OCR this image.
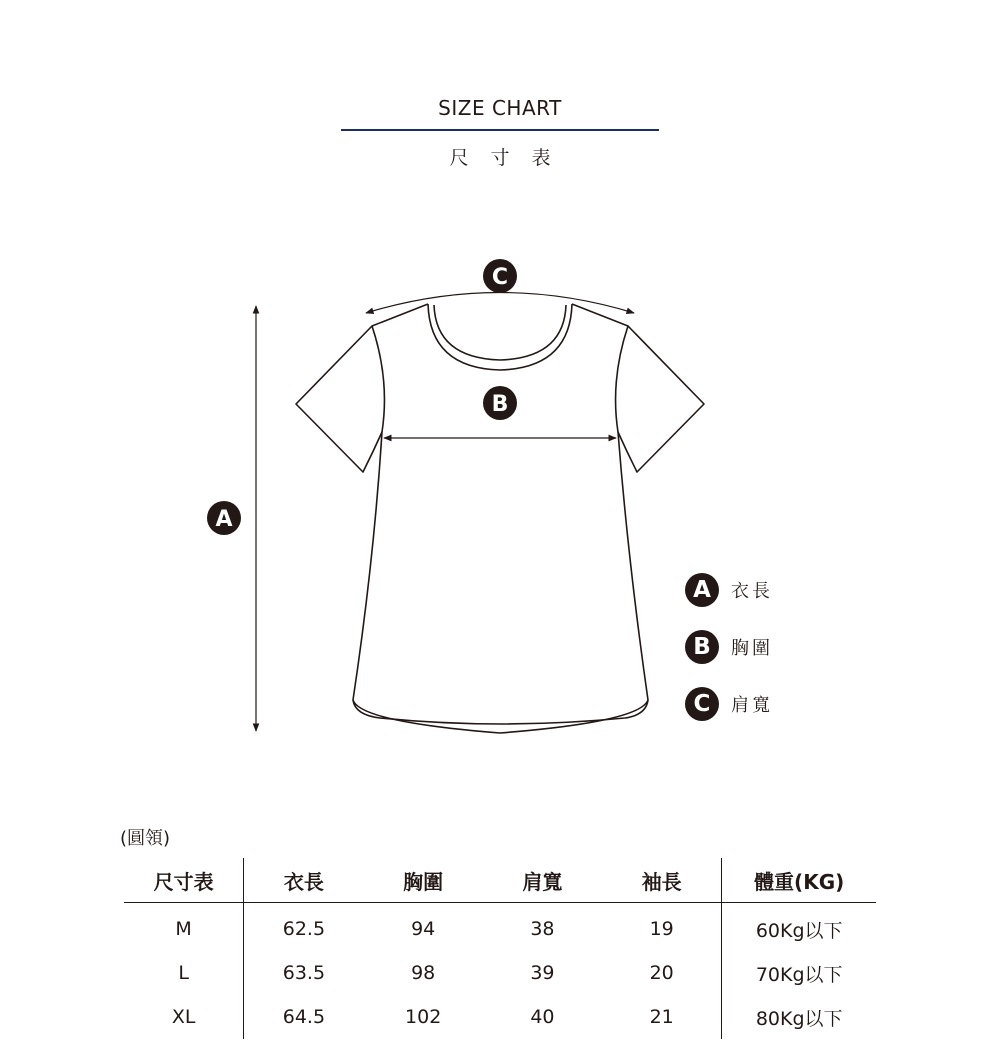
SIZE CHART
尺寸表
A
B
C
A	衣長
B	胸圍
C	肩寬
(圓領)
尺寸表	衣長	胸圍	肩寬	袖長	體重(KG)
M	62.5	94	38	19	60Kg以下
L	63.5	98	39	20	70Kg以下
XL	64.5	102	40	21	80Kg以下
